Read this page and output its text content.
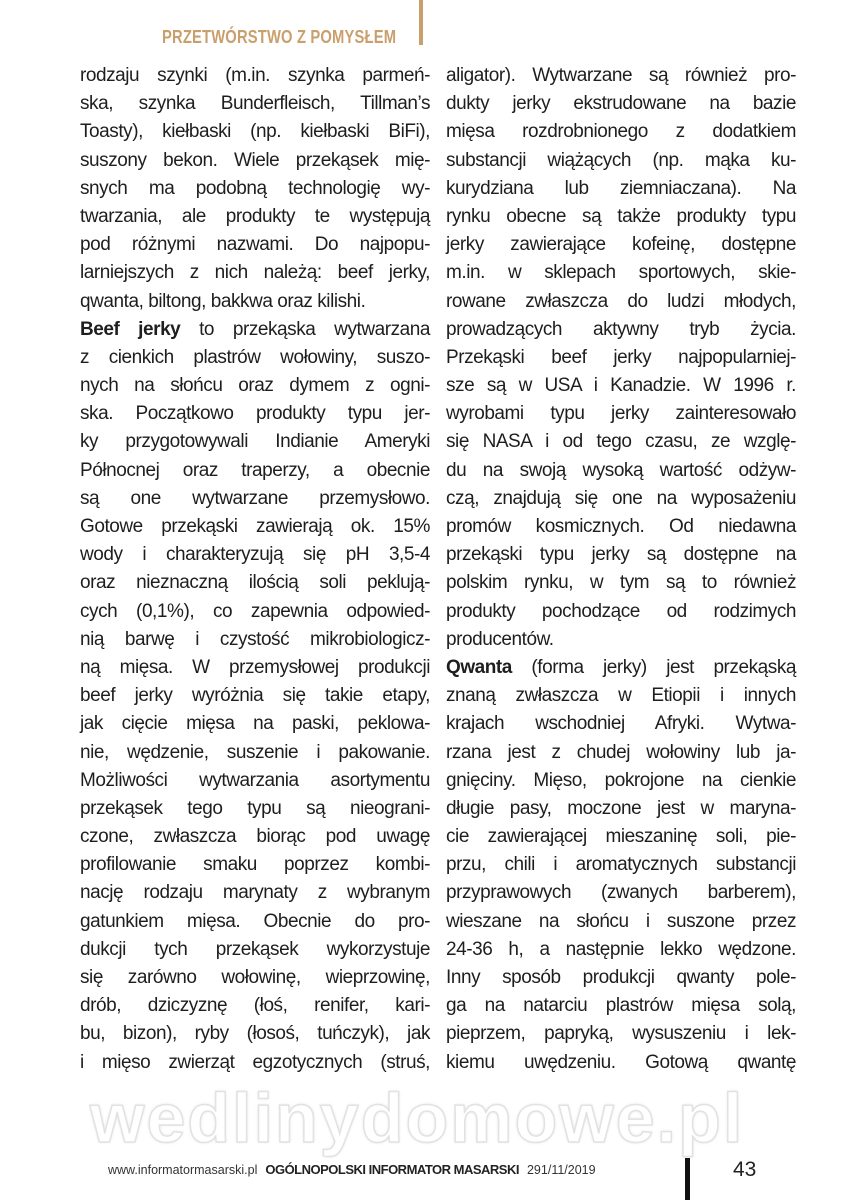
PRZETWÓRSTWO Z POMYSŁEM
rodzaju szynki (m.in. szynka parmeń-
ska, szynka Bunderfleisch, Tillman’s
Toasty), kiełbaski (np. kiełbaski BiFi),
suszony bekon. Wiele przekąsek mię-
snych ma podobną technologię wy-
twarzania, ale produkty te występują
pod różnymi nazwami. Do najpopu-
larniejszych z nich należą: beef jerky,
qwanta, biltong, bakkwa oraz kilishi.
Beef jerky to przekąska wytwarzana
z cienkich plastrów wołowiny, suszo-
nych na słońcu oraz dymem z ogni-
ska. Początkowo produkty typu jer-
ky przygotowywali Indianie Ameryki
Północnej oraz traperzy, a obecnie
są one wytwarzane przemysłowo.
Gotowe przekąski zawierają ok. 15%
wody i charakteryzują się pH 3,5-4
oraz nieznaczną ilością soli peklują-
cych (0,1%), co zapewnia odpowied-
nią barwę i czystość mikrobiologicz-
ną mięsa. W przemysłowej produkcji
beef jerky wyróżnia się takie etapy,
jak cięcie mięsa na paski, peklowa-
nie, wędzenie, suszenie i pakowanie.
Możliwości wytwarzania asortymentu
przekąsek tego typu są nieograni-
czone, zwłaszcza biorąc pod uwagę
profilowanie smaku poprzez kombi-
nację rodzaju marynaty z wybranym
gatunkiem mięsa. Obecnie do pro-
dukcji tych przekąsek wykorzystuje
się zarówno wołowinę, wieprzowinę,
drób, dziczyznę (łoś, renifer, kari-
bu, bizon), ryby (łosoś, tuńczyk), jak
i mięso zwierząt egzotycznych (struś,
aligator). Wytwarzane są również pro-
dukty jerky ekstrudowane na bazie
mięsa rozdrobnionego z dodatkiem
substancji wiążących (np. mąka ku-
kurydziana lub ziemniaczana). Na
rynku obecne są także produkty typu
jerky zawierające kofeinę, dostępne
m.in. w sklepach sportowych, skie-
rowane zwłaszcza do ludzi młodych,
prowadzących aktywny tryb życia.
Przekąski beef jerky najpopularniej-
sze są w USA i Kanadzie. W 1996 r.
wyrobami typu jerky zainteresowało
się NASA i od tego czasu, ze wzglę-
du na swoją wysoką wartość odżyw-
czą, znajdują się one na wyposażeniu
promów kosmicznych. Od niedawna
przekąski typu jerky są dostępne na
polskim rynku, w tym są to również
produkty pochodzące od rodzimych
producentów.
Qwanta (forma jerky) jest przekąską
znaną zwłaszcza w Etiopii i innych
krajach wschodniej Afryki. Wytwa-
rzana jest z chudej wołowiny lub ja-
gnięciny. Mięso, pokrojone na cienkie
długie pasy, moczone jest w maryna-
cie zawierającej mieszaninę soli, pie-
przu, chili i aromatycznych substancji
przyprawowych (zwanych barberem),
wieszane na słońcu i suszone przez
24-36 h, a następnie lekko wędzone.
Inny sposób produkcji qwanty pole-
ga na natarciu plastrów mięsa solą,
pieprzem, papryką, wysuszeniu i lek-
kiemu uwędzeniu. Gotową qwantę
wedlinydomowe.pl
www.informatormasarski.pl OGÓLNOPOLSKI INFORMATOR MASARSKI 291/11/2019	43
